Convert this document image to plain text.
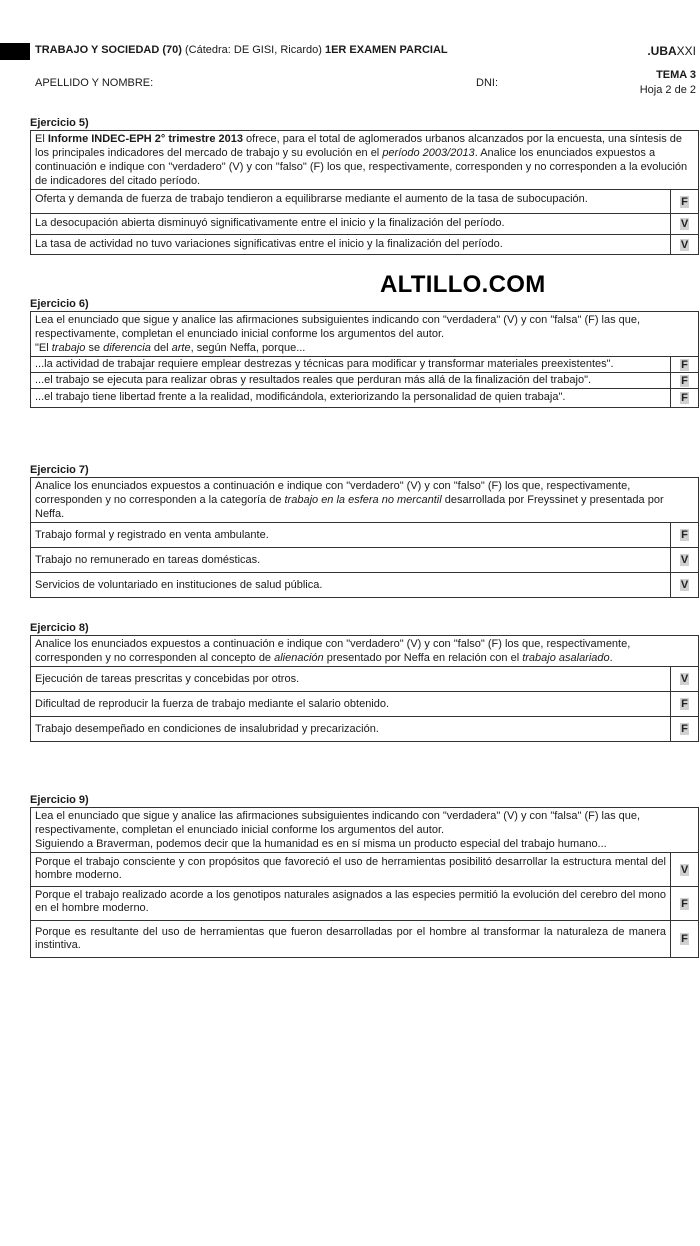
TRABAJO Y SOCIEDAD (70) (Cátedra: DE GISI, Ricardo) 1ER EXAMEN PARCIAL	.UBAXXI
APELLIDO Y NOMBRE:	DNI:
TEMA 3
Hoja 2 de 2
Ejercicio 5)
El Informe INDEC-EPH 2° trimestre 2013 ofrece, para el total de aglomerados urbanos alcanzados por la encuesta, una síntesis de los principales indicadores del mercado de trabajo y su evolución en el período 2003/2013. Analice los enunciados expuestos a continuación e indique con "verdadero" (V) y con "falso" (F) los que, respectivamente, corresponden y no corresponden a la evolución de indicadores del citado período.
Oferta y demanda de fuerza de trabajo tendieron a equilibrarse mediante el aumento de la tasa de subocupación.	F
La desocupación abierta disminuyó significativamente entre el inicio y la finalización del período.	V
La tasa de actividad no tuvo variaciones significativas entre el inicio y la finalización del período.	V
ALTILLO.COM
Ejercicio 6)
Lea el enunciado que sigue y analice las afirmaciones subsiguientes indicando con "verdadera" (V) y con "falsa" (F) las que, respectivamente, completan el enunciado inicial conforme los argumentos del autor.
"El trabajo se diferencia del arte, según Neffa, porque...
...la actividad de trabajar requiere emplear destrezas y técnicas para modificar y transformar materiales preexistentes".	F
...el trabajo se ejecuta para realizar obras y resultados reales que perduran más allá de la finalización del trabajo".	F
...el trabajo tiene libertad frente a la realidad, modificándola, exteriorizando la personalidad de quien trabaja".	F
Ejercicio 7)
Analice los enunciados expuestos a continuación e indique con "verdadero" (V) y con "falso" (F) los que, respectivamente, corresponden y no corresponden a la categoría de trabajo en la esfera no mercantil desarrollada por Freyssinet y presentada por Neffa.
Trabajo formal y registrado en venta ambulante.	F
Trabajo no remunerado en tareas domésticas.	V
Servicios de voluntariado en instituciones de salud pública.	V
Ejercicio 8)
Analice los enunciados expuestos a continuación e indique con "verdadero" (V) y con "falso" (F) los que, respectivamente, corresponden y no corresponden al concepto de alienación presentado por Neffa en relación con el trabajo asalariado.
Ejecución de tareas prescritas y concebidas por otros.	V
Dificultad de reproducir la fuerza de trabajo mediante el salario obtenido.	F
Trabajo desempeñado en condiciones de insalubridad y precarización.	F
Ejercicio 9)
Lea el enunciado que sigue y analice las afirmaciones subsiguientes indicando con "verdadera" (V) y con "falsa" (F) las que, respectivamente, completan el enunciado inicial conforme los argumentos del autor.
Siguiendo a Braverman, podemos decir que la humanidad es en sí misma un producto especial del trabajo humano...
Porque el trabajo consciente y con propósitos que favoreció el uso de herramientas posibilitó desarrollar la estructura mental del hombre moderno.	V
Porque el trabajo realizado acorde a los genotipos naturales asignados a las especies permitió la evolución del cerebro del mono en el hombre moderno.	F
Porque es resultante del uso de herramientas que fueron desarrolladas por el hombre al transformar la naturaleza de manera instintiva.	F
